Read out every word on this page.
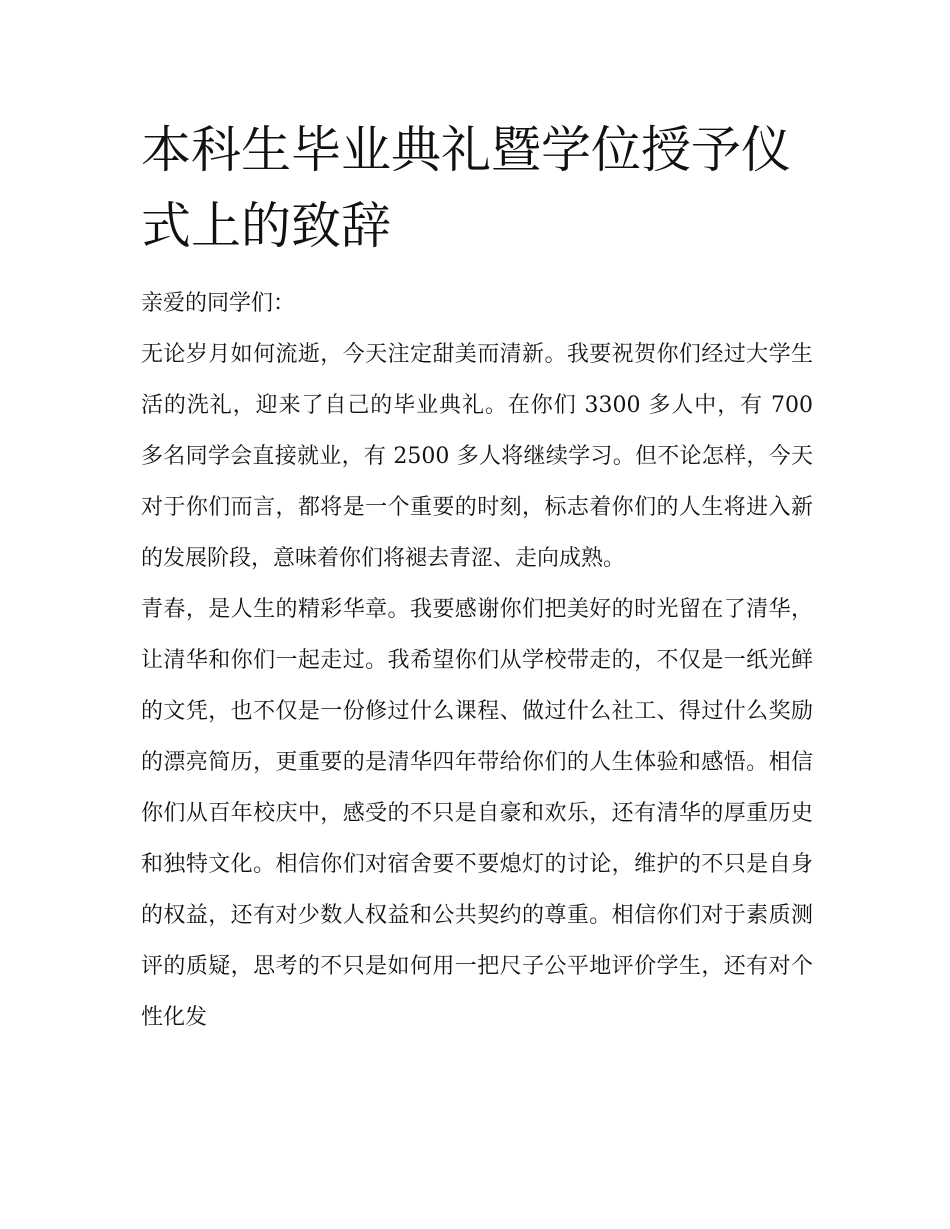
本科生毕业典礼暨学位授予仪式上的致辞

亲爱的同学们：

无论岁月如何流逝，今天注定甜美而清新。我要祝贺你们经过大学生活的洗礼，迎来了自己的毕业典礼。在你们 3300 多人中，有 700 多名同学会直接就业，有 2500 多人将继续学习。但不论怎样，今天对于你们而言，都将是一个重要的时刻，标志着你们的人生将进入新的发展阶段，意味着你们将褪去青涩、走向成熟。

青春，是人生的精彩华章。我要感谢你们把美好的时光留在了清华，让清华和你们一起走过。我希望你们从学校带走的，不仅是一纸光鲜的文凭，也不仅是一份修过什么课程、做过什么社工、得过什么奖励的漂亮简历，更重要的是清华四年带给你们的人生体验和感悟。相信你们从百年校庆中，感受的不只是自豪和欢乐，还有清华的厚重历史和独特文化。相信你们对宿舍要不要熄灯的讨论，维护的不只是自身的权益，还有对少数人权益和公共契约的尊重。相信你们对于素质测评的质疑，思考的不只是如何用一把尺子公平地评价学生，还有对个性化发
